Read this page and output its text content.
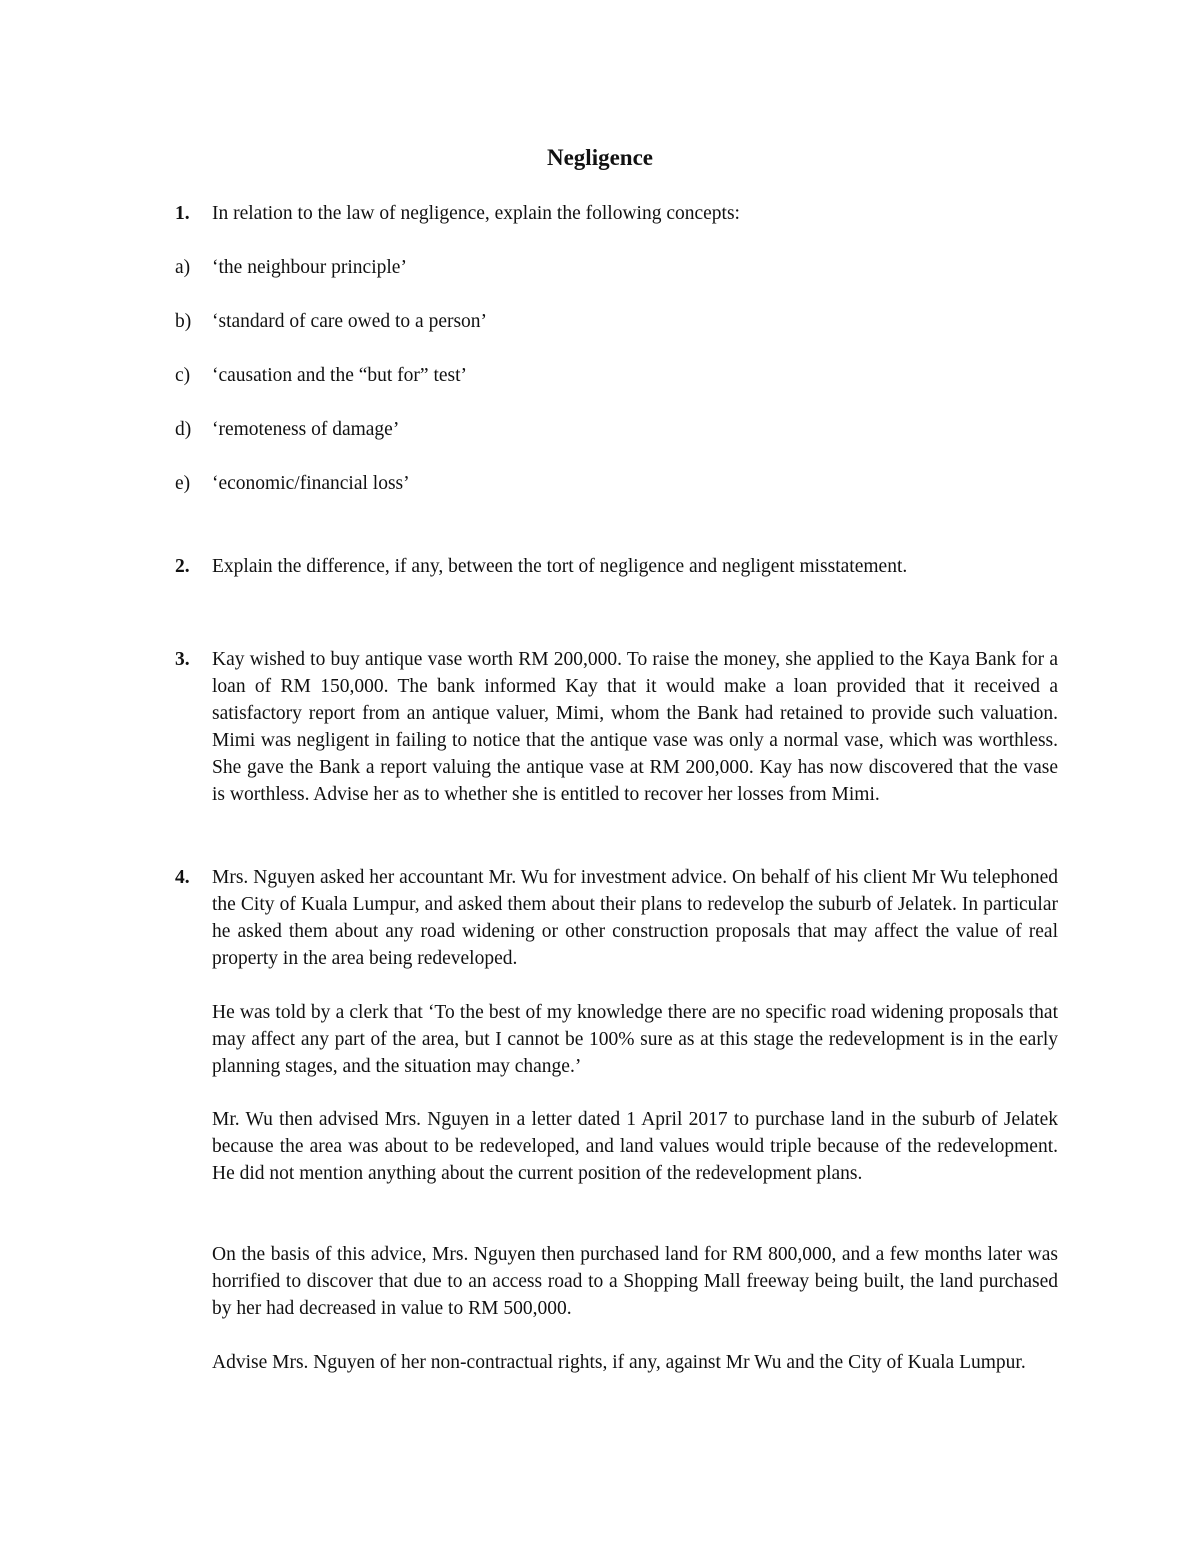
Negligence
1. In relation to the law of negligence, explain the following concepts:
a) ‘the neighbour principle’
b) ‘standard of care owed to a person’
c) ‘causation and the “but for” test’
d) ‘remoteness of damage’
e) ‘economic/financial loss’
2. Explain the difference, if any, between the tort of negligence and negligent misstatement.
3. Kay wished to buy antique vase worth RM 200,000. To raise the money, she applied to the Kaya Bank for a loan of RM 150,000. The bank informed Kay that it would make a loan provided that it received a satisfactory report from an antique valuer, Mimi, whom the Bank had retained to provide such valuation. Mimi was negligent in failing to notice that the antique vase was only a normal vase, which was worthless. She gave the Bank a report valuing the antique vase at RM 200,000. Kay has now discovered that the vase is worthless. Advise her as to whether she is entitled to recover her losses from Mimi.
4. Mrs. Nguyen asked her accountant Mr. Wu for investment advice. On behalf of his client Mr Wu telephoned the City of Kuala Lumpur, and asked them about their plans to redevelop the suburb of Jelatek. In particular he asked them about any road widening or other construction proposals that may affect the value of real property in the area being redeveloped.
He was told by a clerk that ‘To the best of my knowledge there are no specific road widening proposals that may affect any part of the area, but I cannot be 100% sure as at this stage the redevelopment is in the early planning stages, and the situation may change.’
Mr. Wu then advised Mrs. Nguyen in a letter dated 1 April 2017 to purchase land in the suburb of Jelatek because the area was about to be redeveloped, and land values would triple because of the redevelopment. He did not mention anything about the current position of the redevelopment plans.
On the basis of this advice, Mrs. Nguyen then purchased land for RM 800,000, and a few months later was horrified to discover that due to an access road to a Shopping Mall freeway being built, the land purchased by her had decreased in value to RM 500,000.
Advise Mrs. Nguyen of her non-contractual rights, if any, against Mr Wu and the City of Kuala Lumpur.
